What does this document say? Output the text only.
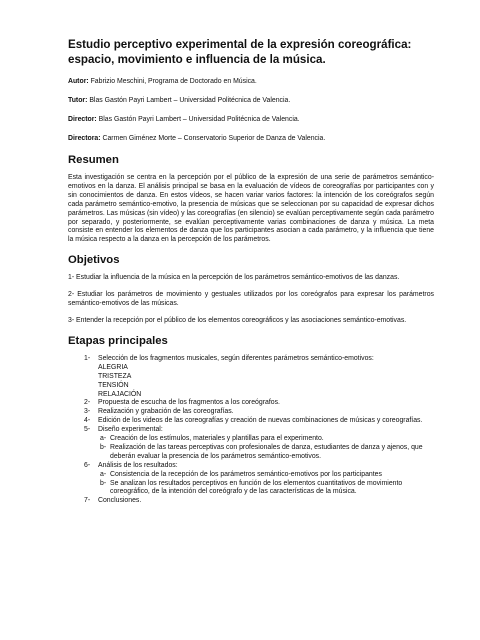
Estudio perceptivo experimental de la expresión coreográfica: espacio, movimiento e influencia de la música.

Autor: Fabrizio Meschini, Programa de Doctorado en Música.

Tutor: Blas Gastón Payri Lambert – Universidad Politécnica de Valencia.

Director: Blas Gastón Payri Lambert – Universidad Politécnica de Valencia.

Directora: Carmen Giménez Morte – Conservatorio Superior de Danza de Valencia.

Resumen

Esta investigación se centra en la percepción por el público de la expresión de una serie de parámetros semántico-emotivos en la danza. El análisis principal se basa en la evaluación de vídeos de coreografías por participantes con y sin conocimientos de danza. En estos vídeos, se hacen variar varios factores: la intención de los coreógrafos según cada parámetro semántico-emotivo, la presencia de músicas que se seleccionan por su capacidad de expresar dichos parámetros. Las músicas (sin vídeo) y las coreografías (en silencio) se evalúan perceptivamente según cada parámetro por separado, y posteriormente, se evalúan perceptivamente varias combinaciones de danza y música. La meta consiste en entender los elementos de danza que los participantes asocian a cada parámetro, y la influencia que tiene la música respecto a la danza en la percepción de los parámetros.

Objetivos

1- Estudiar la influencia de la música en la percepción de los parámetros semántico-emotivos de las danzas.

2- Estudiar los parámetros de movimiento y gestuales utilizados por los coreógrafos para expresar los parámetros semántico-emotivos de las músicas.

3- Entender la recepción por el público de los elementos coreográficos y las asociaciones semántico-emotivas.

Etapas principales
1-	Selección de los fragmentos musicales, según diferentes parámetros semántico-emotivos:
ALEGRIA
TRISTEZA
TENSIÓN
RELAJACIÓN
2-	Propuesta de escucha de los fragmentos a los coreógrafos.
3-	Realización y grabación de las coreografías.
4-	Edición de los videos de las coreografías y creación de nuevas combinaciones de músicas y coreografías.
5-	Diseño experimental:
a- Creación de los estímulos, materiales y plantillas para el experimento.
b- Realización de las tareas perceptivas con profesionales de danza, estudiantes de danza y ajenos, que deberán evaluar la presencia de los parámetros semántico-emotivos.
6-	Análisis de los resultados:
a- Consistencia de la recepción de los parámetros semántico-emotivos por los participantes
b- Se analizan los resultados perceptivos en función de los elementos cuantitativos de movimiento coreográfico, de la intención del coreógrafo y de las características de la música.
7-	Conclusiones.
